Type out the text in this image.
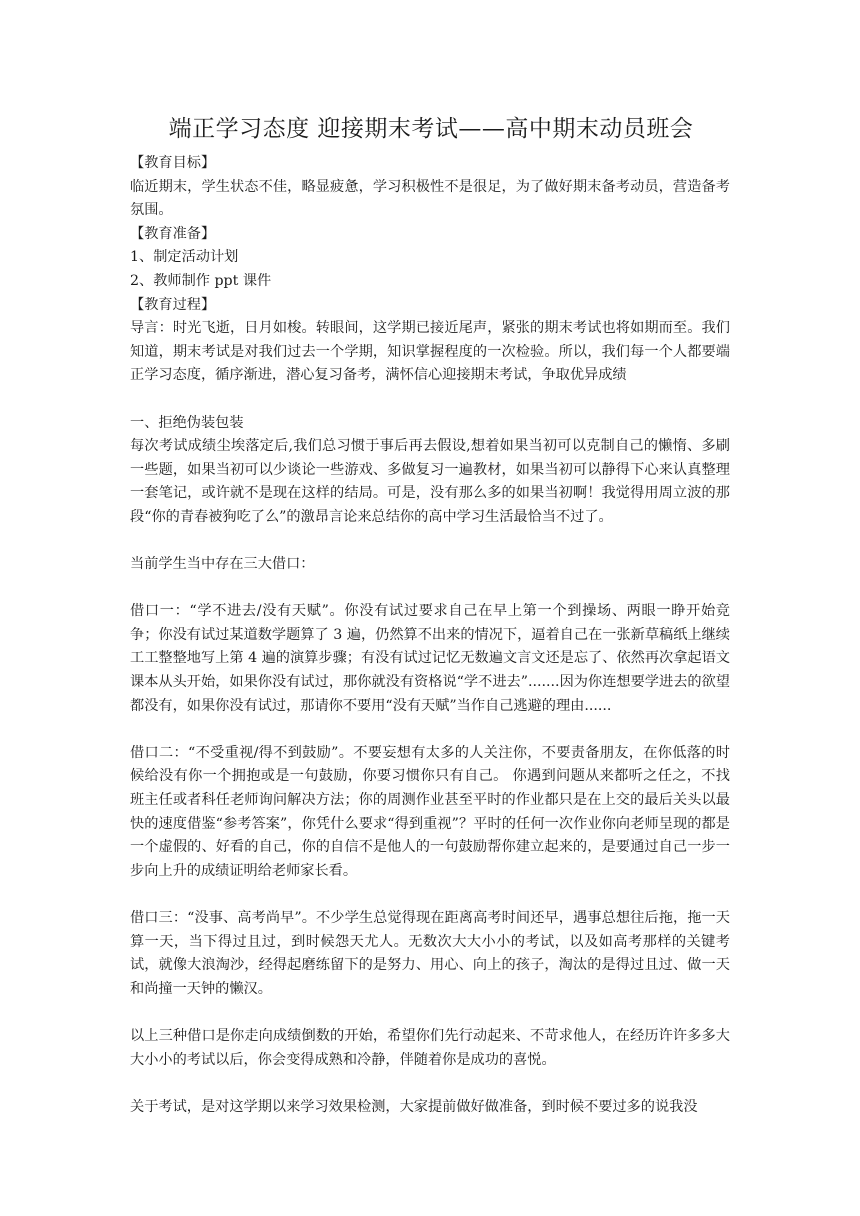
端正学习态度 迎接期末考试——高中期末动员班会

【教育目标】

临近期末，学生状态不佳，略显疲惫，学习积极性不是很足，为了做好期末备考动员，营造备考氛围。

【教育准备】

1、制定活动计划

2、教师制作 ppt 课件

【教育过程】

导言：时光飞逝，日月如梭。转眼间，这学期已接近尾声，紧张的期末考试也将如期而至。我们知道，期末考试是对我们过去一个学期，知识掌握程度的一次检验。所以，我们每一个人都要端正学习态度，循序渐进，潜心复习备考，满怀信心迎接期末考试，争取优异成绩

一、拒绝伪装包装

每次考试成绩尘埃落定后,我们总习惯于事后再去假设,想着如果当初可以克制自己的懒惰、多刷一些题，如果当初可以少谈论一些游戏、多做复习一遍教材，如果当初可以静得下心来认真整理一套笔记，或许就不是现在这样的结局。可是，没有那么多的如果当初啊！我觉得用周立波的那段“你的青春被狗吃了么”的激昂言论来总结你的高中学习生活最恰当不过了。

当前学生当中存在三大借口：

借口一：“学不进去/没有天赋”。你没有试过要求自己在早上第一个到操场、两眼一睁开始竞争；你没有试过某道数学题算了 3 遍，仍然算不出来的情况下，逼着自己在一张新草稿纸上继续工工整整地写上第 4 遍的演算步骤；有没有试过记忆无数遍文言文还是忘了、依然再次拿起语文课本从头开始，如果你没有试过，那你就没有资格说“学不进去”.......因为你连想要学进去的欲望都没有，如果你没有试过，那请你不要用“没有天赋”当作自己逃避的理由......

借口二：“不受重视/得不到鼓励”。不要妄想有太多的人关注你，不要责备朋友，在你低落的时候给没有你一个拥抱或是一句鼓励，你要习惯你只有自己。 你遇到问题从来都听之任之，不找班主任或者科任老师询问解决方法；你的周测作业甚至平时的作业都只是在上交的最后关头以最快的速度借鉴“参考答案”，你凭什么要求“得到重视”？平时的任何一次作业你向老师呈现的都是一个虚假的、好看的自己，你的自信不是他人的一句鼓励帮你建立起来的，是要通过自己一步一步向上升的成绩证明给老师家长看。

借口三：“没事、高考尚早”。不少学生总觉得现在距离高考时间还早，遇事总想往后拖，拖一天算一天，当下得过且过，到时候怨天尤人。无数次大大小小的考试，以及如高考那样的关键考试，就像大浪淘沙，经得起磨练留下的是努力、用心、向上的孩子，淘汰的是得过且过、做一天和尚撞一天钟的懒汉。

以上三种借口是你走向成绩倒数的开始，希望你们先行动起来、不苛求他人，在经历许许多多大大小小的考试以后，你会变得成熟和冷静，伴随着你是成功的喜悦。

关于考试，是对这学期以来学习效果检测，大家提前做好做准备，到时候不要过多的说我没
